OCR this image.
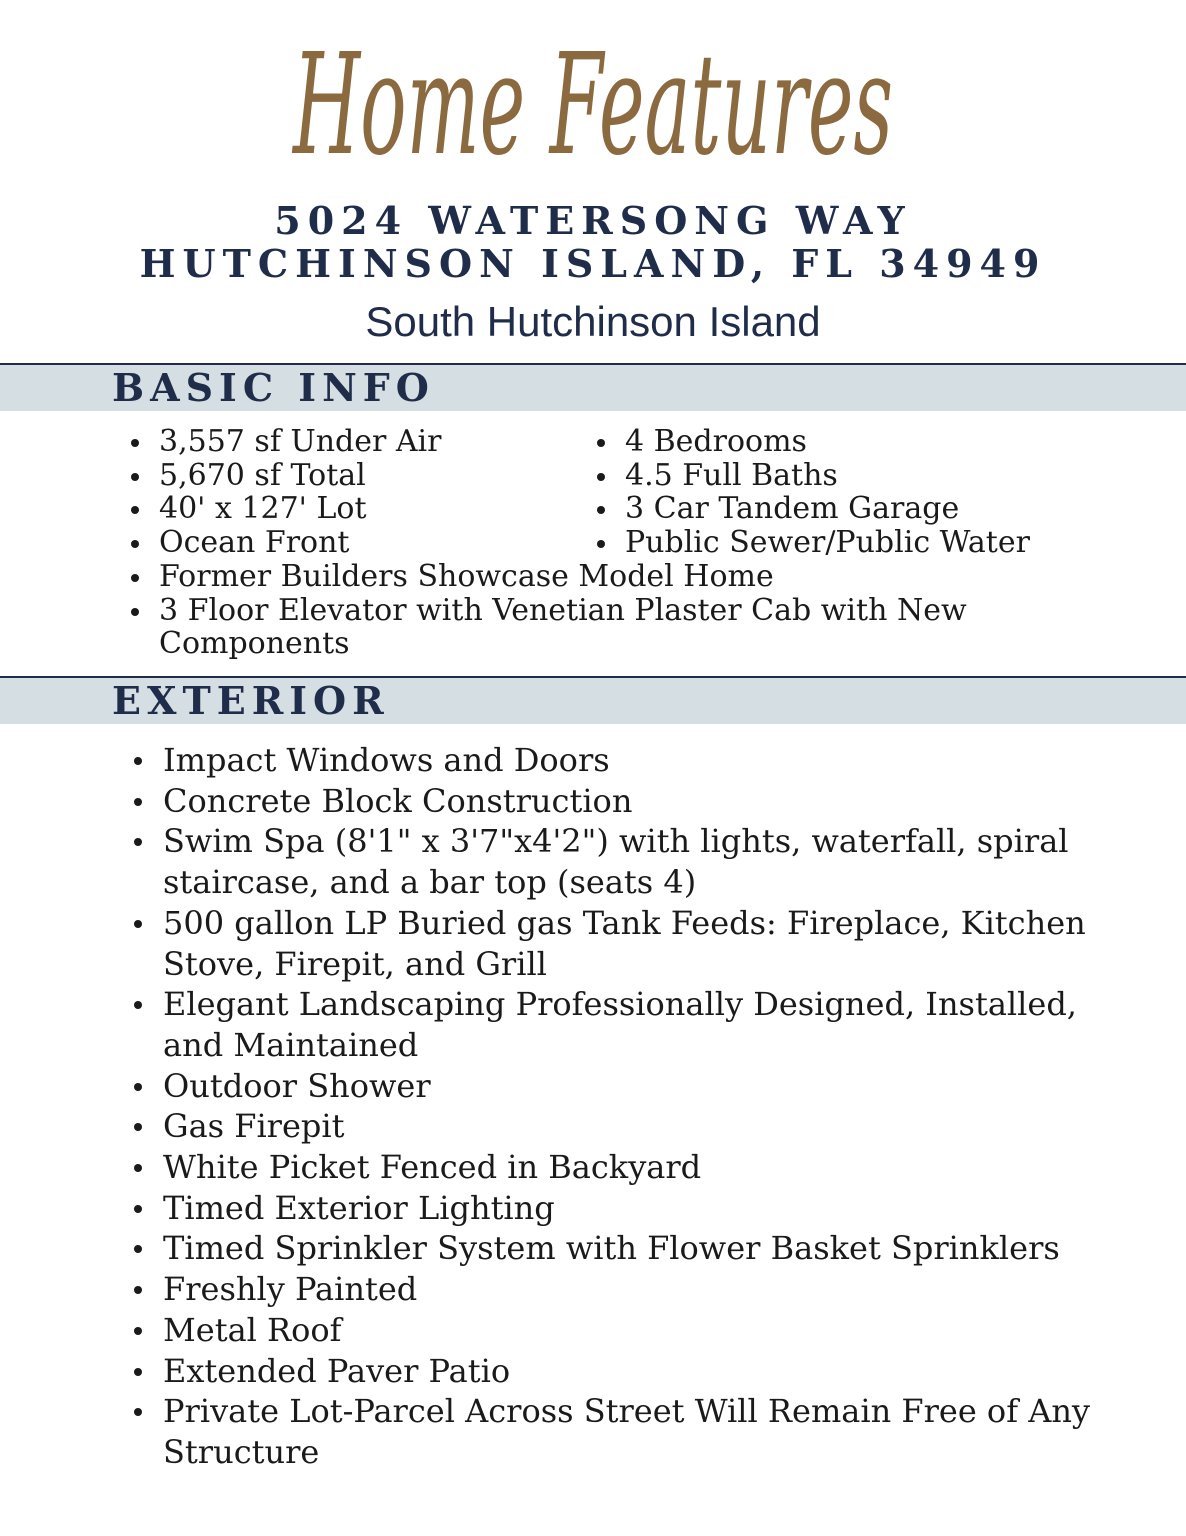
Home Features
5024 WATERSONG WAY
HUTCHINSON ISLAND, FL 34949
South Hutchinson Island
BASIC INFO
3,557 sf Under Air
5,670 sf Total
40' x 127' Lot
Ocean Front
4 Bedrooms
4.5 Full Baths
3 Car Tandem Garage
Public Sewer/Public Water
Former Builders Showcase Model Home
3 Floor Elevator with Venetian Plaster Cab with New Components
EXTERIOR
Impact Windows and Doors
Concrete Block Construction
Swim Spa (8'1" x 3'7"x4'2") with lights, waterfall, spiral staircase, and a bar top (seats 4)
500 gallon LP Buried gas Tank Feeds: Fireplace, Kitchen Stove, Firepit, and Grill
Elegant Landscaping Professionally Designed, Installed, and Maintained
Outdoor Shower
Gas Firepit
White Picket Fenced in Backyard
Timed Exterior Lighting
Timed Sprinkler System with Flower Basket Sprinklers
Freshly Painted
Metal Roof
Extended Paver Patio
Private Lot-Parcel Across Street Will Remain Free of Any Structure
